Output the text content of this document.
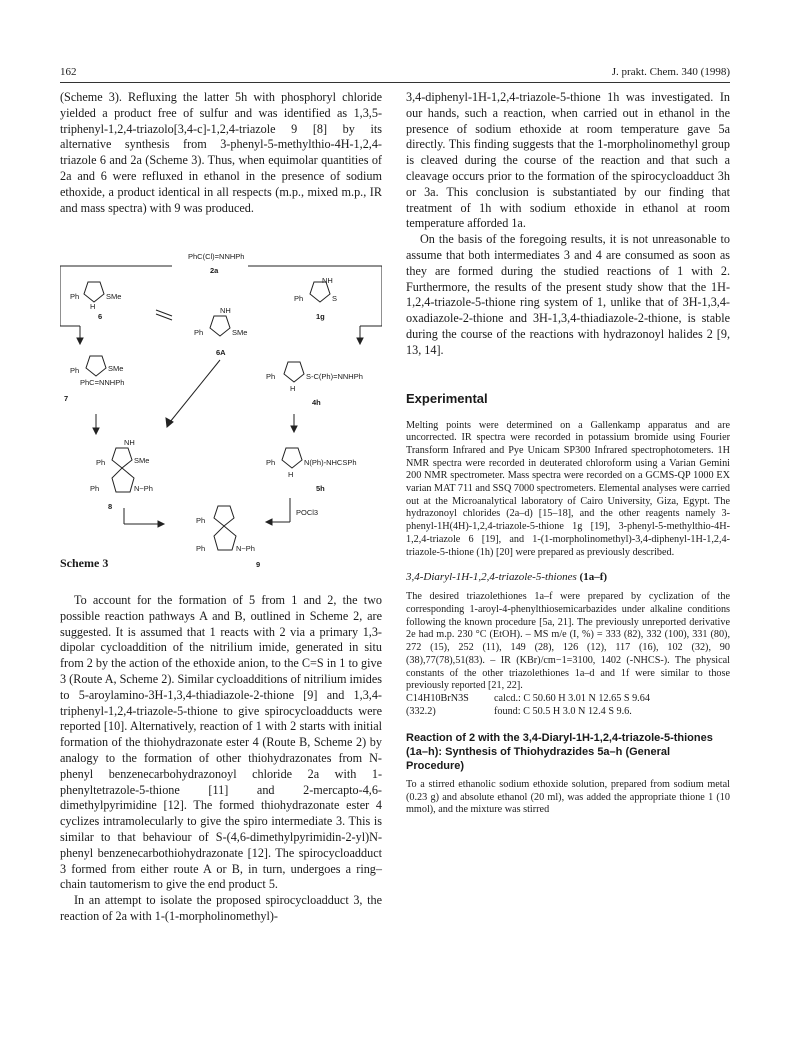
162	J. prakt. Chem. 340 (1998)

(Scheme 3). Refluxing the latter 5h with phosphoryl chloride yielded a product free of sulfur and was identified as 1,3,5-triphenyl-1,2,4-triazolo[3,4-c]-1,2,4-triazole 9 [8] by its alternative synthesis from 3-phenyl-5-methylthio-4H-1,2,4-triazole 6 and 2a (Scheme 3). Thus, when equimolar quantities of 2a and 6 were refluxed in ethanol in the presence of sodium ethoxide, a product identical in all respects (m.p., mixed m.p., IR and mass spectra) with 9 was produced.

PhC(Cl)=NNHPh
2a
Ph	SMe
H
6
NH
Ph	SMe
6A
NH
Ph	S
1g
Ph	SMe
PhC=NNHPh
7
Ph	S-C(Ph)=NNHPh
H
4h
NH
Ph	SMe
Ph	N~Ph
8
Ph	N(Ph)-NHCSPh
H
5h
POCl3
Ph
Ph	N~Ph
Scheme 3	9

To account for the formation of 5 from 1 and 2, the two possible reaction pathways A and B, outlined in Scheme 2, are suggested. It is assumed that 1 reacts with 2 via a primary 1,3-dipolar cycloaddition of the nitrilium imide, generated in situ from 2 by the action of the ethoxide anion, to the C=S in 1 to give 3 (Route A, Scheme 2). Similar cycloadditions of nitrilium imides to 5-aroylamino-3H-1,3,4-thiadiazole-2-thione [9] and 1,3,4-triphenyl-1,2,4-triazole-5-thione to give spirocycloadducts were reported [10]. Alternatively, reaction of 1 with 2 starts with initial formation of the thiohydrazonate ester 4 (Route B, Scheme 2) by analogy to the formation of other thiohydrazonates from N-phenyl benzenecarbohydrazonoyl chloride 2a with 1-phenyltetrazole-5-thione [11] and 2-mercapto-4,6-dimethylpyrimidine [12]. The formed thiohydrazonate ester 4 cyclizes intramolecularly to give the spiro intermediate 3. This is similar to that behaviour of S-(4,6-dimethylpyrimidin-2-yl)N-phenyl benzenecarbothiohydrazonate [12]. The spirocycloadduct 3 formed from either route A or B, in turn, undergoes a ring–chain tautomerism to give the end product 5.

In an attempt to isolate the proposed spirocycloadduct 3, the reaction of 2a with 1-(1-morpholinomethyl)-

3,4-diphenyl-1H-1,2,4-triazole-5-thione 1h was investigated. In our hands, such a reaction, when carried out in ethanol in the presence of sodium ethoxide at room temperature gave 5a directly. This finding suggests that the 1-morpholinomethyl group is cleaved during the course of the reaction and that such a cleavage occurs prior to the formation of the spirocycloadduct 3h or 3a. This conclusion is substantiated by our finding that treatment of 1h with sodium ethoxide in ethanol at room temperature afforded 1a.

On the basis of the foregoing results, it is not unreasonable to assume that both intermediates 3 and 4 are consumed as soon as they are formed during the studied reactions of 1 with 2. Furthermore, the results of the present study show that the 1H-1,2,4-triazole-5-thione ring system of 1, unlike that of 3H-1,3,4-oxadiazole-2-thione and 3H-1,3,4-thiadiazole-2-thione, is stable during the course of the reactions with hydrazonoyl halides 2 [9, 13, 14].

Experimental

Melting points were determined on a Gallenkamp apparatus and are uncorrected. IR spectra were recorded in potassium bromide using Fourier Transform Infrared and Pye Unicam SP300 Infrared spectrophotometers. 1H NMR spectra were recorded in deuterated chloroform using a Varian Gemini 200 NMR spectrometer. Mass spectra were recorded on a GCMS-QP 1000 EX varian MAT 711 and SSQ 7000 spectrometers. Elemental analyses were carried out at the Microanalytical laboratory of Cairo University, Giza, Egypt. The hydrazonoyl chlorides (2a–d) [15–18], and the other reagents namely 3-phenyl-1H(4H)-1,2,4-triazole-5-thione 1g [19], 3-phenyl-5-methylthio-4H-1,2,4-triazole 6 [19], and 1-(1-morpholinomethyl)-3,4-diphenyl-1H-1,2,4-triazole-5-thione (1h) [20] were prepared as previously described.

3,4-Diaryl-1H-1,2,4-triazole-5-thiones (1a–f)

The desired triazolethiones 1a–f were prepared by cyclization of the corresponding 1-aroyl-4-phenylthiosemicarbazides under alkaline conditions following the known procedure [5a, 21]. The previously unreported derivative 2e had m.p. 230 °C (EtOH). – MS m/e (I, %) = 333 (82), 332 (100), 331 (80), 272 (15), 252 (11), 149 (28), 126 (12), 117 (16), 102 (32), 90 (38),77(78),51(83). – IR (KBr)/cm−1=3100, 1402 (-NHCS-). The physical constants of the other triazolethiones 1a–d and 1f were similar to those previously reported [21, 22].

C14H10BrN3S calcd.: C 50.60 H 3.01 N 12.65 S 9.64
(332.2)	found: C 50.5 H 3.0 N 12.4 S 9.6.

Reaction of 2 with the 3,4-Diaryl-1H-1,2,4-triazole-5-thiones (1a–h): Synthesis of Thiohydrazides 5a–h (General Procedure)

To a stirred ethanolic sodium ethoxide solution, prepared from sodium metal (0.23 g) and absolute ethanol (20 ml), was added the appropriate thione 1 (10 mmol), and the mixture was stirred
